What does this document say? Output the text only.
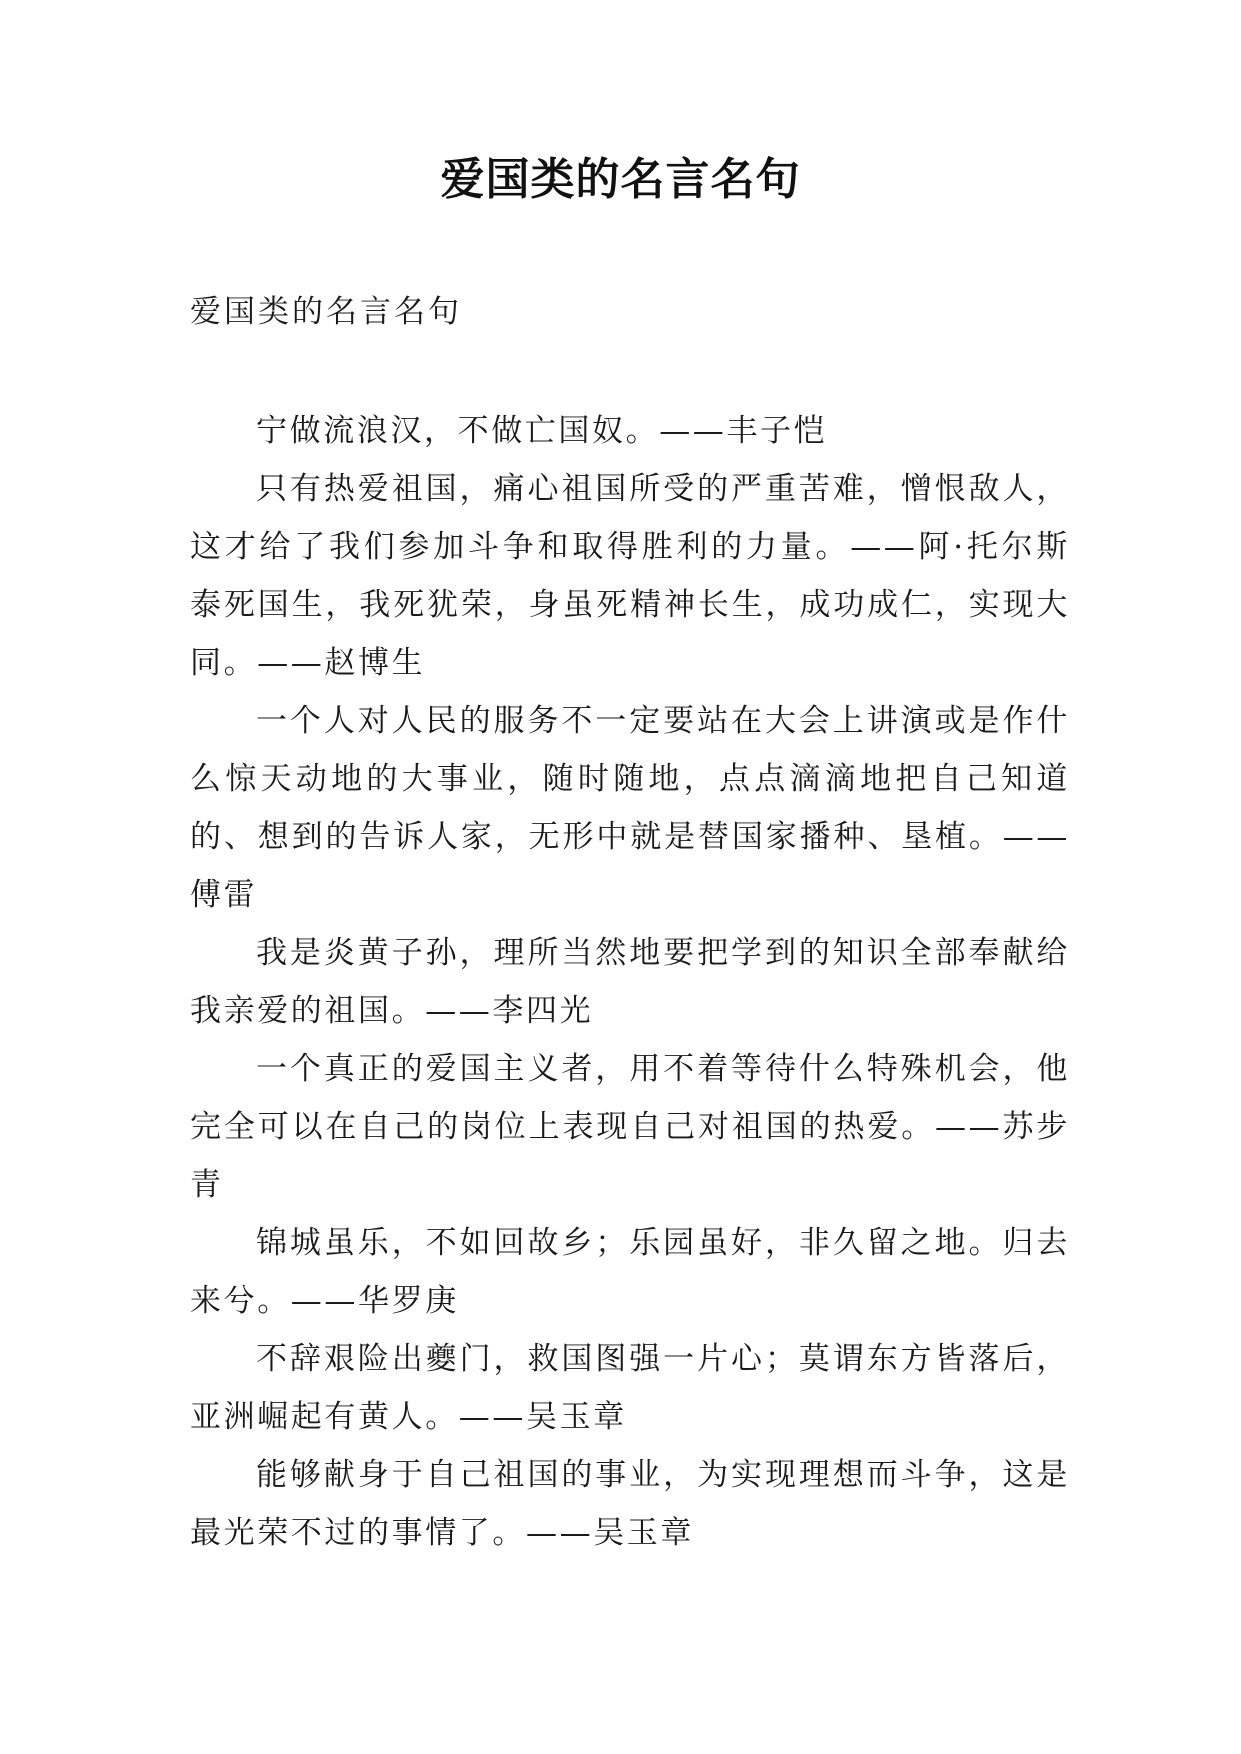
爱国类的名言名句

爱国类的名言名句

宁做流浪汉，不做亡国奴。——丰子恺

只有热爱祖国，痛心祖国所受的严重苦难，憎恨敌人，这才给了我们参加斗争和取得胜利的力量。——阿·托尔斯泰死国生，我死犹荣，身虽死精神长生，成功成仁，实现大同。——赵博生

一个人对人民的服务不一定要站在大会上讲演或是作什么惊天动地的大事业，随时随地，点点滴滴地把自己知道的、想到的告诉人家，无形中就是替国家播种、垦植。——傅雷

我是炎黄子孙，理所当然地要把学到的知识全部奉献给我亲爱的祖国。——李四光

一个真正的爱国主义者，用不着等待什么特殊机会，他完全可以在自己的岗位上表现自己对祖国的热爱。——苏步青

锦城虽乐，不如回故乡；乐园虽好，非久留之地。归去来兮。——华罗庚

不辞艰险出夔门，救国图强一片心；莫谓东方皆落后，亚洲崛起有黄人。——吴玉章

能够献身于自己祖国的事业，为实现理想而斗争，这是最光荣不过的事情了。——吴玉章
